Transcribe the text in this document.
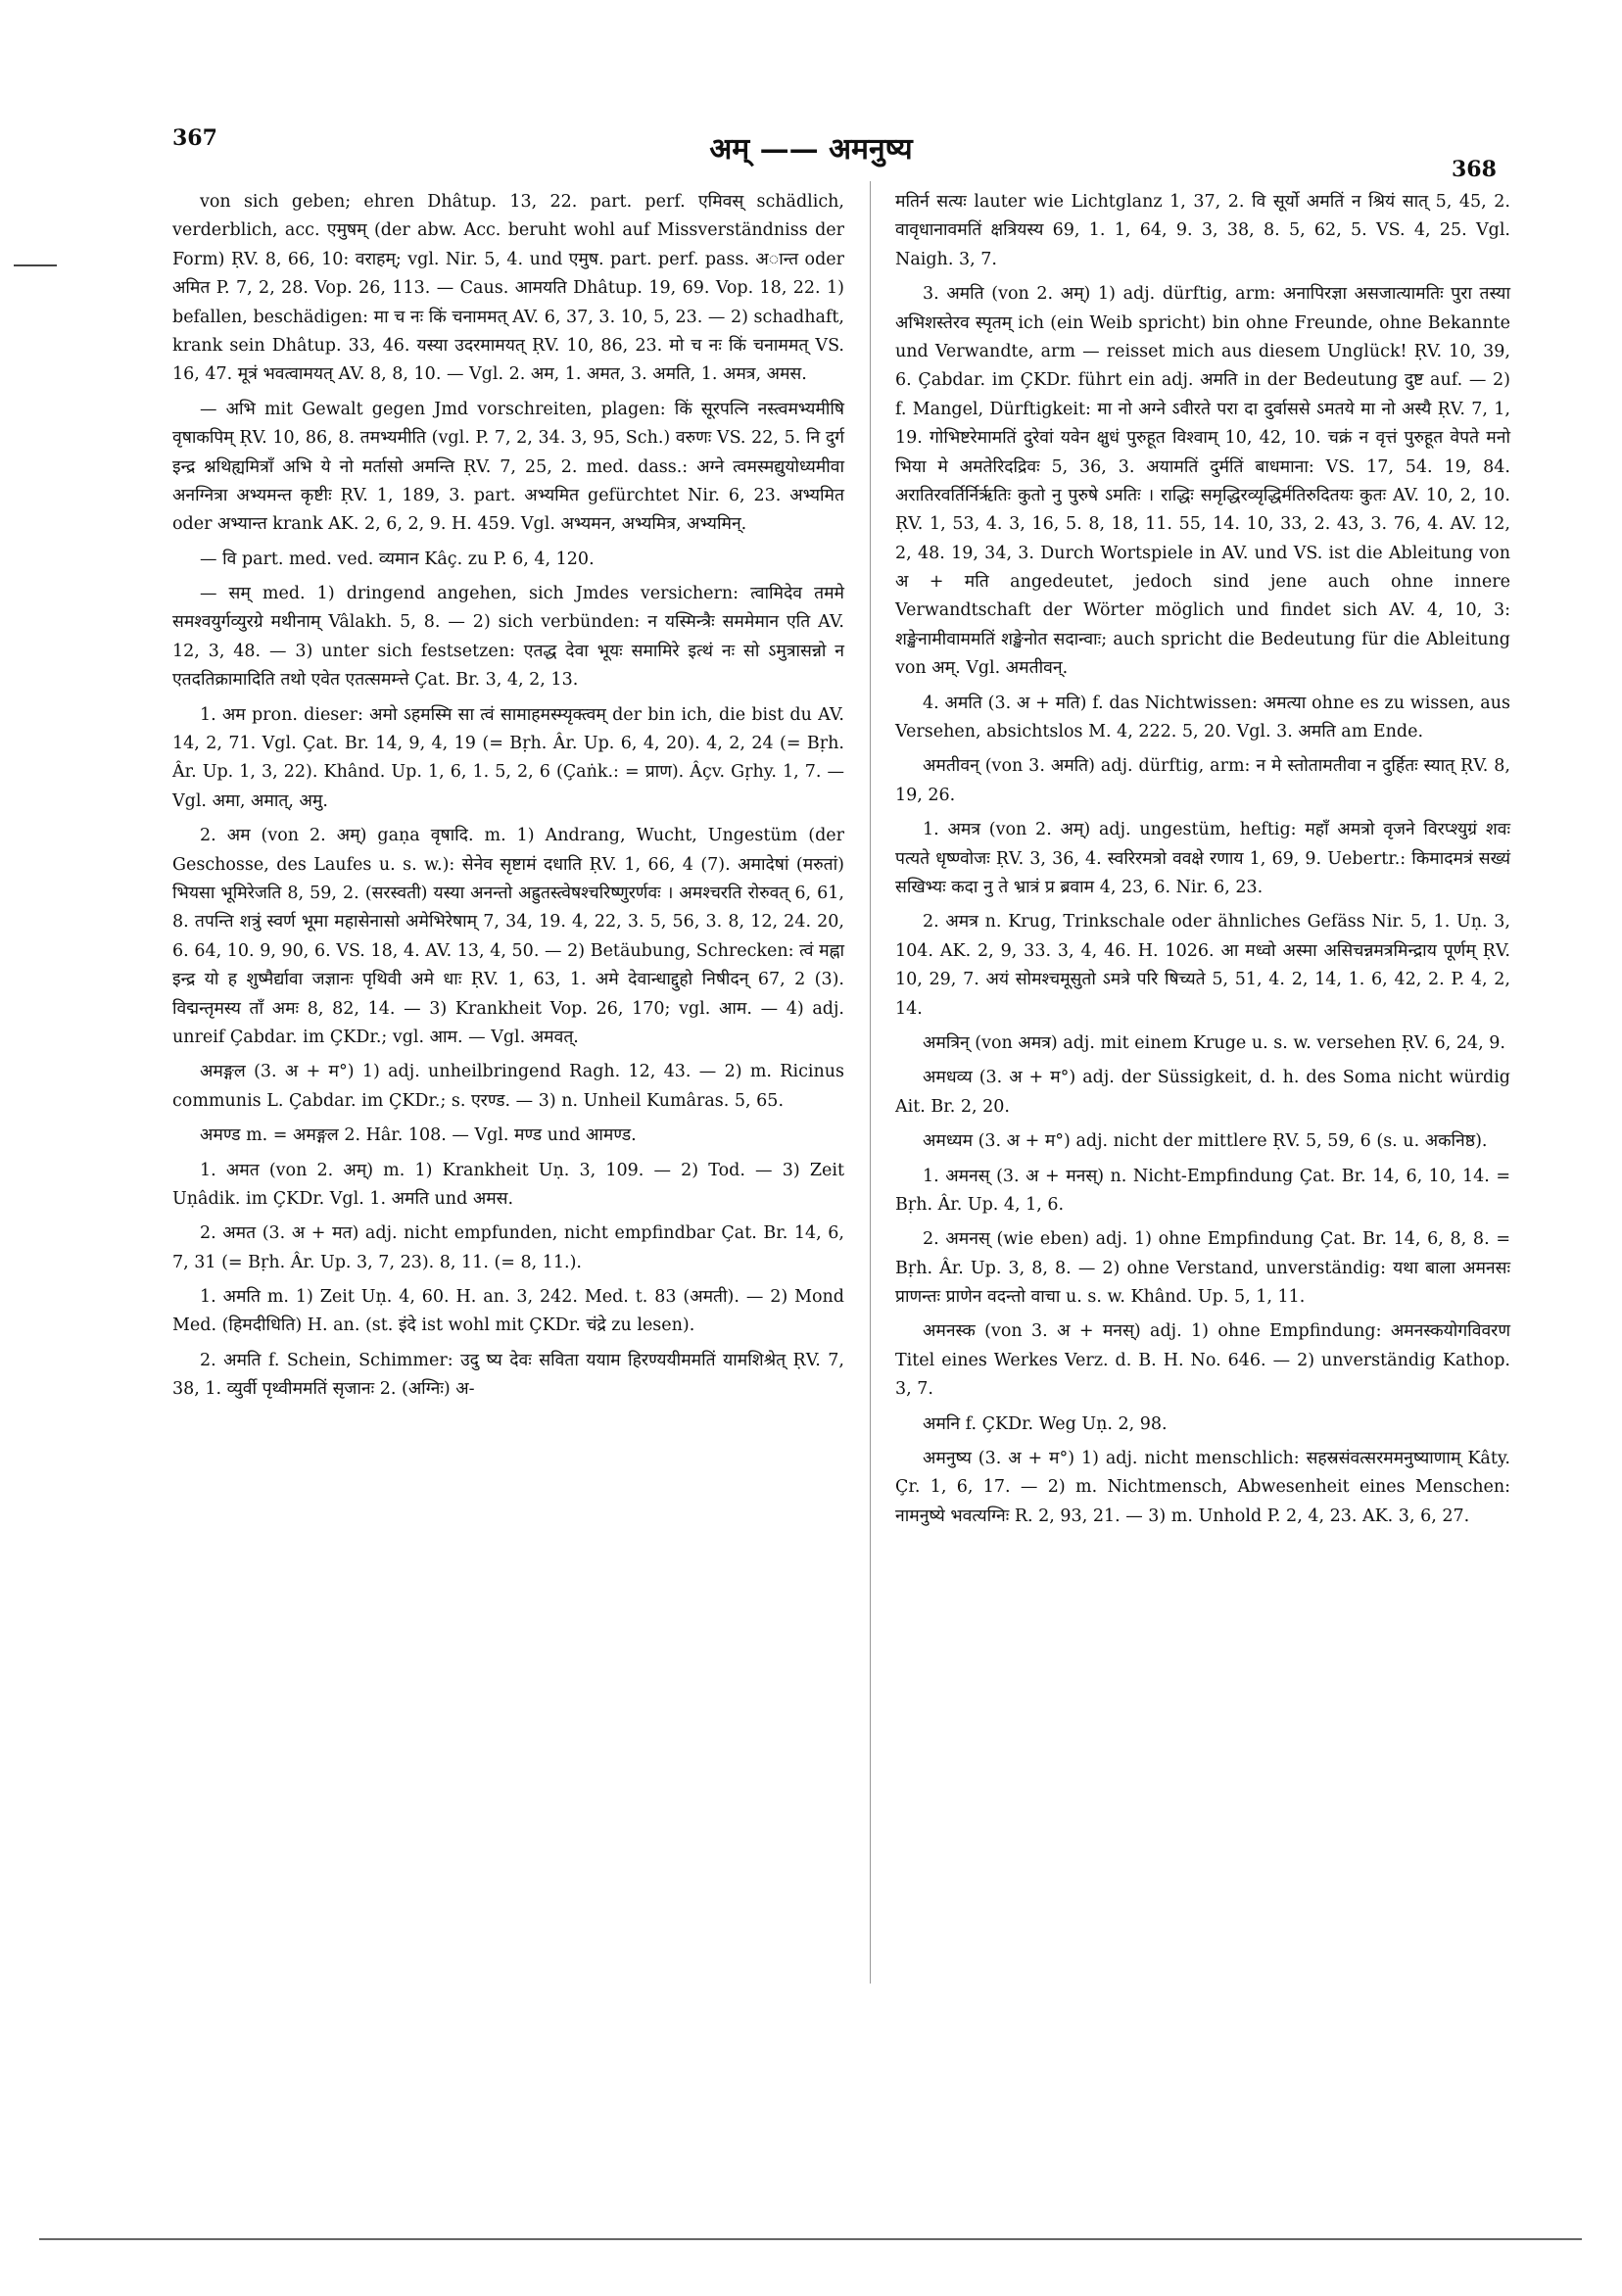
367	अम् —— अमनुष्य
368

von sich geben; ehren Dhâtup. 13, 22. part. perf. एमिवस् schädlich, verderblich, acc. एमुषम् (der abw. Acc. beruht wohl auf Missverständniss der Form) ṚV. 8, 66, 10: वराहम्; vgl. Nir. 5, 4. und एमुष. part. perf. pass. अान्त oder अमित P. 7, 2, 28. Vop. 26, 113. — Caus. आमयति Dhâtup. 19, 69. Vop. 18, 22. 1) befallen, beschädigen: मा च नः किं चनाममत् AV. 6, 37, 3. 10, 5, 23. — 2) schadhaft, krank sein Dhâtup. 33, 46. यस्या उदरमामयत् ṚV. 10, 86, 23. मो च नः किं चनाममत् VS. 16, 47. मूत्रं भवत्वामयत् AV. 8, 8, 10. — Vgl. 2. अम, 1. अमत, 3. अमति, 1. अमत्र, अमस.

— अभि mit Gewalt gegen Jmd vorschreiten, plagen: किं सूरपत्नि नस्त्वमभ्यमीषि वृषाकपिम् ṚV. 10, 86, 8. तमभ्यमीति (vgl. P. 7, 2, 34. 3, 95, Sch.) वरुणः VS. 22, 5. नि दुर्ग इन्द्र श्नथिह्यमित्राँ अभि ये नो मर्तासो अमन्ति ṚV. 7, 25, 2. med. dass.: अग्ने त्वमस्मद्युयोध्यमीवा अनग्नित्रा अभ्यमन्त कृष्टीः ṚV. 1, 189, 3. part. अभ्यमित gefürchtet Nir. 6, 23. अभ्यमित oder अभ्यान्त krank AK. 2, 6, 2, 9. H. 459. Vgl. अभ्यमन, अभ्यमित्र, अभ्यमिन्.

— वि part. med. ved. व्यमान Kâç. zu P. 6, 4, 120.

— सम् med. 1) dringend angehen, sich Jmdes versichern: त्वामिदेव तममे समश्वयुर्गव्युरग्रे मथीनाम् Vâlakh. 5, 8. — 2) sich verbünden: न यस्मिन्त्रैः सममेमान एति AV. 12, 3, 48. — 3) unter sich festsetzen: एतद्ध देवा भूयः समामिरे इत्थं नः सो ऽमुत्रासन्नो न एतदतिक्रामादिति तथो एवेत एतत्समम्त्ते Çat. Br. 3, 4, 2, 13.

1. अम pron. dieser: अमो ऽहमस्मि सा त्वं सामाहमस्म्यृक्त्वम् der bin ich, die bist du AV. 14, 2, 71. Vgl. Çat. Br. 14, 9, 4, 19 (= Bṛh. Âr. Up. 6, 4, 20). 4, 2, 24 (= Bṛh. Âr. Up. 1, 3, 22). Khând. Up. 1, 6, 1. 5, 2, 6 (Çaṅk.: = प्राण). Âçv. Gṛhy. 1, 7. — Vgl. अमा, अमात्, अमु.

2. अम (von 2. अम्) gaṇa वृषादि. m. 1) Andrang, Wucht, Ungestüm (der Geschosse, des Laufes u. s. w.): सेनेव सृष्टामं दधाति ṚV. 1, 66, 4 (7). अमादेषां (मरुतां) भियसा भूमिरेजति 8, 59, 2. (सरस्वती) यस्या अनन्तो अह्रुतस्त्वेषश्चरिष्णुरर्णवः । अमश्चरति रोरुवत् 6, 61, 8. तपन्ति शत्रुं स्वर्ण भूमा महासेनासो अमेभिरेषाम् 7, 34, 19. 4, 22, 3. 5, 56, 3. 8, 12, 24. 20, 6. 64, 10. 9, 90, 6. VS. 18, 4. AV. 13, 4, 50. — 2) Betäubung, Schrecken: त्वं मह्ना इन्द्र यो ह शुष्मैर्द्यावा जज्ञानः पृथिवी अमे धाः ṚV. 1, 63, 1. अमे देवान्धाद्दुहो निषीदन् 67, 2 (3). विद्मन्तृमस्य ताँ अमः 8, 82, 14. — 3) Krankheit Vop. 26, 170; vgl. आम. — 4) adj. unreif Çabdar. im ÇKDr.; vgl. आम. — Vgl. अमवत्.

अमङ्गल (3. अ + म°) 1) adj. unheilbringend Ragh. 12, 43. — 2) m. Ricinus communis L. Çabdar. im ÇKDr.; s. एरण्ड. — 3) n. Unheil Kumâras. 5, 65.

अमण्ड m. = अमङ्गल 2. Hâr. 108. — Vgl. मण्ड und आमण्ड.

1. अमत (von 2. अम्) m. 1) Krankheit Uṇ. 3, 109. — 2) Tod. — 3) Zeit Uṇâdik. im ÇKDr. Vgl. 1. अमति und अमस.

2. अमत (3. अ + मत) adj. nicht empfunden, nicht empfindbar Çat. Br. 14, 6, 7, 31 (= Bṛh. Âr. Up. 3, 7, 23). 8, 11. (= 8, 11.).

1. अमति m. 1) Zeit Uṇ. 4, 60. H. an. 3, 242. Med. t. 83 (अमती). — 2) Mond Med. (हिमदीधिति) H. an. (st. इंदे ist wohl mit ÇKDr. चंद्रे zu lesen).

2. अमति f. Schein, Schimmer: उदु ष्य देवः सविता ययाम हिरण्ययीममतिं यामशिश्रेत् ṚV. 7, 38, 1. व्युर्वी पृथ्वीममतिं सृजानः 2. (अग्निः) अ-

मतिर्न सत्यः lauter wie Lichtglanz 1, 37, 2. वि सूर्यो अमतिं न श्रियं सात् 5, 45, 2. वावृधानावमतिं क्षत्रियस्य 69, 1. 1, 64, 9. 3, 38, 8. 5, 62, 5. VS. 4, 25. Vgl. Naigh. 3, 7.

3. अमति (von 2. अम्) 1) adj. dürftig, arm: अनापिरज्ञा असजात्यामतिः पुरा तस्या अभिशस्तेरव स्पृतम् ich (ein Weib spricht) bin ohne Freunde, ohne Bekannte und Verwandte, arm — reisset mich aus diesem Unglück! ṚV. 10, 39, 6. Çabdar. im ÇKDr. führt ein adj. अमति in der Bedeutung दुष्ट auf. — 2) f. Mangel, Dürftigkeit: मा नो अग्ने ऽवीरते परा दा दुर्वाससे ऽमतये मा नो अस्यै ṚV. 7, 1, 19. गोभिष्टरेमामतिं दुरेवां यवेन क्षुधं पुरुहूत विश्वाम् 10, 42, 10. चक्रं न वृत्तं पुरुहूत वेपते मनो भिया मे अमतेरिदद्रिवः 5, 36, 3. अयामतिं दुर्मतिं बाधमाना: VS. 17, 54. 19, 84. अरातिरवर्तिर्निर्ऋतिः कुतो नु पुरुषे ऽमतिः । राद्धिः समृद्धिरव्यृद्धिर्मतिरुदितयः कुतः AV. 10, 2, 10. ṚV. 1, 53, 4. 3, 16, 5. 8, 18, 11. 55, 14. 10, 33, 2. 43, 3. 76, 4. AV. 12, 2, 48. 19, 34, 3. Durch Wortspiele in AV. und VS. ist die Ableitung von अ + मति angedeutet, jedoch sind jene auch ohne innere Verwandtschaft der Wörter möglich und findet sich AV. 4, 10, 3: शङ्खेनामीवाममतिं शङ्खेनोत सदान्वाः; auch spricht die Bedeutung für die Ableitung von अम्. Vgl. अमतीवन्.

4. अमति (3. अ + मति) f. das Nichtwissen: अमत्या ohne es zu wissen, aus Versehen, absichtslos M. 4, 222. 5, 20. Vgl. 3. अमति am Ende.

अमतीवन् (von 3. अमति) adj. dürftig, arm: न मे स्तोतामतीवा न दुर्हितः स्यात् ṚV. 8, 19, 26.

1. अमत्र (von 2. अम्) adj. ungestüm, heftig: महाँ अमत्रो वृजने विरप्श्युग्रं शवः पत्यते धृष्ण्वोजः ṚV. 3, 36, 4. स्वरिरमत्रो ववक्षे रणाय 1, 69, 9. Uebertr.: किमादमत्रं सख्यं सखिभ्यः कदा नु ते भ्रात्रं प्र ब्रवाम 4, 23, 6. Nir. 6, 23.

2. अमत्र n. Krug, Trinkschale oder ähnliches Gefäss Nir. 5, 1. Uṇ. 3, 104. AK. 2, 9, 33. 3, 4, 46. H. 1026. आ मध्वो अस्मा असिचन्नमत्रमिन्द्राय पूर्णम् ṚV. 10, 29, 7. अयं सोमश्चमूसुतो ऽमत्रे परि षिच्यते 5, 51, 4. 2, 14, 1. 6, 42, 2. P. 4, 2, 14.

अमत्रिन् (von अमत्र) adj. mit einem Kruge u. s. w. versehen ṚV. 6, 24, 9.

अमधव्य (3. अ + म°) adj. der Süssigkeit, d. h. des Soma nicht würdig Ait. Br. 2, 20.

अमध्यम (3. अ + म°) adj. nicht der mittlere ṚV. 5, 59, 6 (s. u. अकनिष्ठ).

1. अमनस् (3. अ + मनस्) n. Nicht-Empfindung Çat. Br. 14, 6, 10, 14. = Bṛh. Âr. Up. 4, 1, 6.

2. अमनस् (wie eben) adj. 1) ohne Empfindung Çat. Br. 14, 6, 8, 8. = Bṛh. Âr. Up. 3, 8, 8. — 2) ohne Verstand, unverständig: यथा बाला अमनसः प्राणन्तः प्राणेन वदन्तो वाचा u. s. w. Khând. Up. 5, 1, 11.

अमनस्क (von 3. अ + मनस्) adj. 1) ohne Empfindung: अमनस्कयोगविवरण Titel eines Werkes Verz. d. B. H. No. 646. — 2) unverständig Kathop. 3, 7.

अमनि f. ÇKDr. Weg Uṇ. 2, 98.

अमनुष्य (3. अ + म°) 1) adj. nicht menschlich: सहस्रसंवत्सरममनुष्याणाम् Kâty. Çr. 1, 6, 17. — 2) m. Nichtmensch, Abwesenheit eines Menschen: नामनुष्ये भवत्यग्निः R. 2, 93, 21. — 3) m. Unhold P. 2, 4, 23. AK. 3, 6, 27.
